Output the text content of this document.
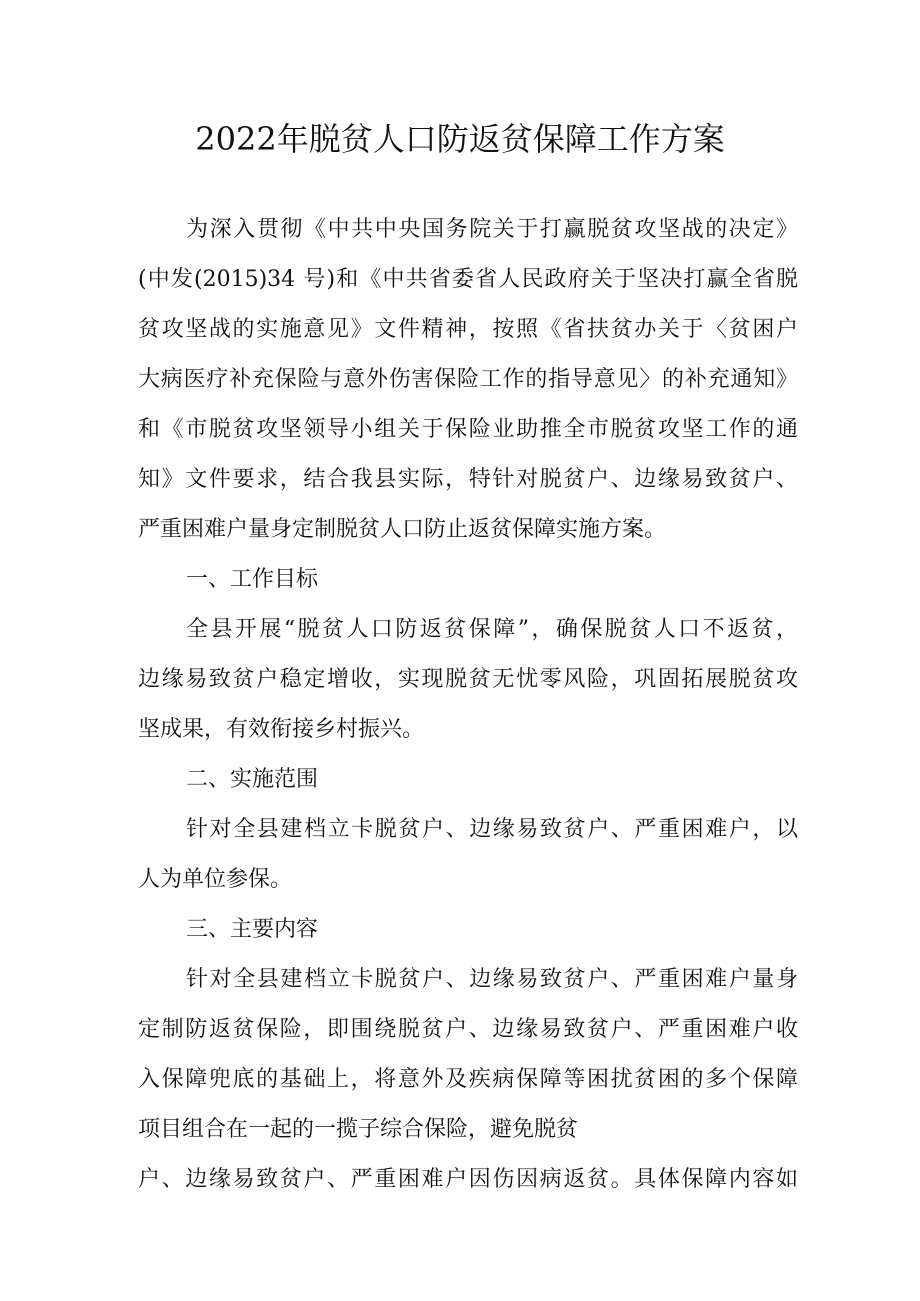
2022年脱贫人口防返贫保障工作方案
为深入贯彻《中共中央国务院关于打赢脱贫攻坚战的决定》
(中发(2015)34 号)和《中共省委省人民政府关于坚决打赢全省脱
贫攻坚战的实施意见》文件精神，按照《省扶贫办关于〈贫困户
大病医疗补充保险与意外伤害保险工作的指导意见〉的补充通知》
和《市脱贫攻坚领导小组关于保险业助推全市脱贫攻坚工作的通
知》文件要求，结合我县实际，特针对脱贫户、边缘易致贫户、
严重困难户量身定制脱贫人口防止返贫保障实施方案。
一、工作目标
全县开展“脱贫人口防返贫保障”，确保脱贫人口不返贫，
边缘易致贫户稳定增收，实现脱贫无忧零风险，巩固拓展脱贫攻
坚成果，有效衔接乡村振兴。
二、实施范围
针对全县建档立卡脱贫户、边缘易致贫户、严重困难户，以
人为单位参保。
三、主要内容
针对全县建档立卡脱贫户、边缘易致贫户、严重困难户量身
定制防返贫保险，即围绕脱贫户、边缘易致贫户、严重困难户收
入保障兜底的基础上，将意外及疾病保障等困扰贫困的多个保障
项目组合在一起的一揽子综合保险，避免脱贫
户、边缘易致贫户、严重困难户因伤因病返贫。具体保障内容如
